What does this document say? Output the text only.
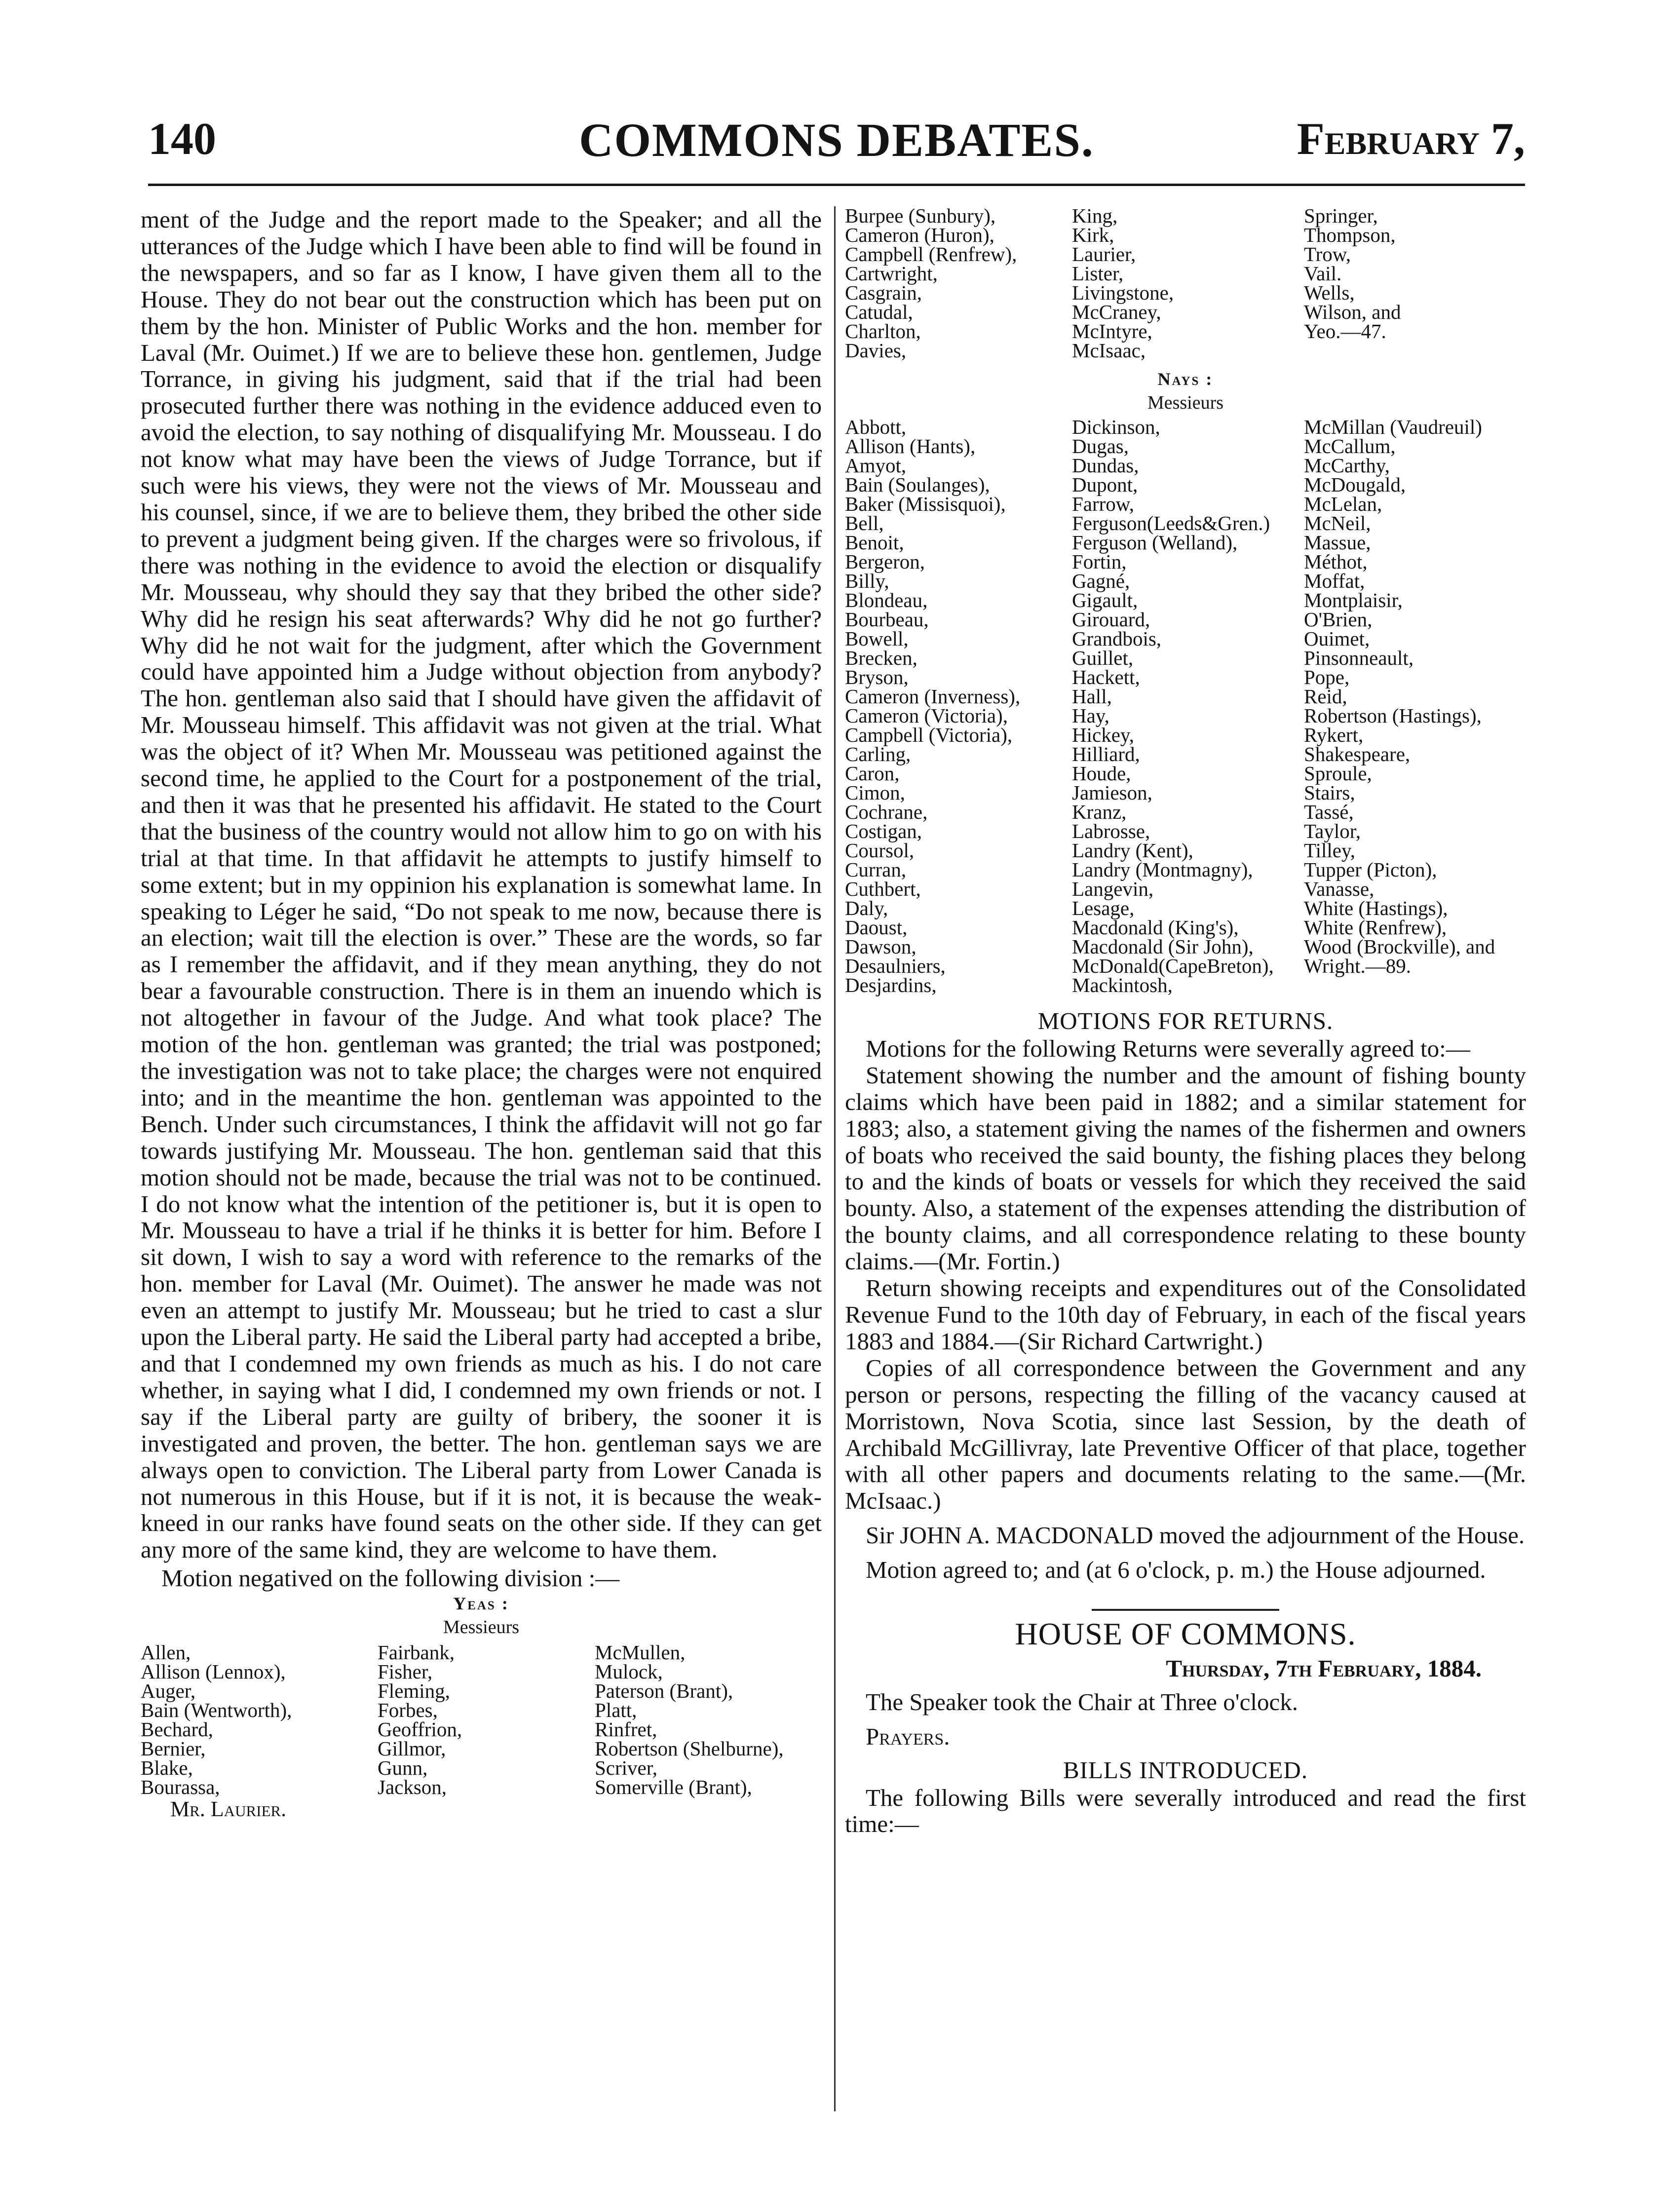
140	COMMONS DEBATES.	February 7,

ment of the Judge and the report made to the Speaker; and all the utterances of the Judge which I have been able to find will be found in the newspapers, and so far as I know, I have given them all to the House. They do not bear out the construction which has been put on them by the hon. Minister of Public Works and the hon. member for Laval (Mr. Ouimet.) If we are to believe these hon. gentlemen, Judge Torrance, in giving his judgment, said that if the trial had been prosecuted further there was nothing in the evidence adduced even to avoid the election, to say nothing of disqualifying Mr. Mousseau. I do not know what may have been the views of Judge Torrance, but if such were his views, they were not the views of Mr. Mousseau and his counsel, since, if we are to believe them, they bribed the other side to prevent a judgment being given. If the charges were so frivolous, if there was nothing in the evidence to avoid the election or disqualify Mr. Mousseau, why should they say that they bribed the other side? Why did he resign his seat afterwards? Why did he not go further? Why did he not wait for the judgment, after which the Government could have appointed him a Judge without objection from anybody? The hon. gentleman also said that I should have given the affidavit of Mr. Mousseau himself. This affidavit was not given at the trial. What was the object of it? When Mr. Mousseau was petitioned against the second time, he applied to the Court for a postponement of the trial, and then it was that he presented his affidavit. He stated to the Court that the business of the country would not allow him to go on with his trial at that time. In that affidavit he attempts to justify himself to some extent; but in my oppinion his explanation is somewhat lame. In speaking to Léger he said, “Do not speak to me now, because there is an election; wait till the election is over.” These are the words, so far as I remember the affidavit, and if they mean anything, they do not bear a favourable construction. There is in them an inuendo which is not altogether in favour of the Judge. And what took place? The motion of the hon. gentleman was granted; the trial was postponed; the investigation was not to take place; the charges were not enquired into; and in the meantime the hon. gentleman was appointed to the Bench. Under such circumstances, I think the affidavit will not go far towards justifying Mr. Mousseau. The hon. gentleman said that this motion should not be made, because the trial was not to be continued. I do not know what the intention of the petitioner is, but it is open to Mr. Mousseau to have a trial if he thinks it is better for him. Before I sit down, I wish to say a word with reference to the remarks of the hon. member for Laval (Mr. Ouimet). The answer he made was not even an attempt to justify Mr. Mousseau; but he tried to cast a slur upon the Liberal party. He said the Liberal party had accepted a bribe, and that I condemned my own friends as much as his. I do not care whether, in saying what I did, I condemned my own friends or not. I say if the Liberal party are guilty of bribery, the sooner it is investigated and proven, the better. The hon. gentleman says we are always open to conviction. The Liberal party from Lower Canada is not numerous in this House, but if it is not, it is because the weak-kneed in our ranks have found seats on the other side. If they can get any more of the same kind, they are welcome to have them.

Motion negatived on the following division :—

Yeas :
Messieurs
Allen,
Allison (Lennox),
Auger,
Bain (Wentworth),
Bechard,
Bernier,
Blake,
Bourassa,
Fairbank,
Fisher,
Fleming,
Forbes,
Geoffrion,
Gillmor,
Gunn,
Jackson,
McMullen,
Mulock,
Paterson (Brant),
Platt,
Rinfret,
Robertson (Shelburne),
Scriver,
Somerville (Brant),
Mr. Laurier.
Burpee (Sunbury),
Cameron (Huron),
Campbell (Renfrew),
Cartwright,
Casgrain,
Catudal,
Charlton,
Davies,
King,
Kirk,
Laurier,
Lister,
Livingstone,
McCraney,
McIntyre,
McIsaac,
Springer,
Thompson,
Trow,
Vail.
Wells,
Wilson, and
Yeo.—47.
Nays :
Messieurs
Abbott,
Allison (Hants),
Amyot,
Bain (Soulanges),
Baker (Missisquoi),
Bell,
Benoit,
Bergeron,
Billy,
Blondeau,
Bourbeau,
Bowell,
Brecken,
Bryson,
Cameron (Inverness),
Cameron (Victoria),
Campbell (Victoria),
Carling,
Caron,
Cimon,
Cochrane,
Costigan,
Coursol,
Curran,
Cuthbert,
Daly,
Daoust,
Dawson,
Desaulniers,
Desjardins,
Dickinson,
Dugas,
Dundas,
Dupont,
Farrow,
Ferguson(Leeds&Gren.)
Ferguson (Welland),
Fortin,
Gagné,
Gigault,
Girouard,
Grandbois,
Guillet,
Hackett,
Hall,
Hay,
Hickey,
Hilliard,
Houde,
Jamieson,
Kranz,
Labrosse,
Landry (Kent),
Landry (Montmagny),
Langevin,
Lesage,
Macdonald (King's),
Macdonald (Sir John),
McDonald(CapeBreton),
Mackintosh,
McMillan (Vaudreuil)
McCallum,
McCarthy,
McDougald,
McLelan,
McNeil,
Massue,
Méthot,
Moffat,
Montplaisir,
O'Brien,
Ouimet,
Pinsonneault,
Pope,
Reid,
Robertson (Hastings),
Rykert,
Shakespeare,
Sproule,
Stairs,
Tassé,
Taylor,
Tilley,
Tupper (Picton),
Vanasse,
White (Hastings),
White (Renfrew),
Wood (Brockville), and
Wright.—89.
MOTIONS FOR RETURNS.

Motions for the following Returns were severally agreed to:—

Statement showing the number and the amount of fishing bounty claims which have been paid in 1882; and a similar statement for 1883; also, a statement giving the names of the fishermen and owners of boats who received the said bounty, the fishing places they belong to and the kinds of boats or vessels for which they received the said bounty. Also, a statement of the expenses attending the distribution of the bounty claims, and all correspondence relating to these bounty claims.—(Mr. Fortin.)

Return showing receipts and expenditures out of the Consolidated Revenue Fund to the 10th day of February, in each of the fiscal years 1883 and 1884.—(Sir Richard Cartwright.)

Copies of all correspondence between the Government and any person or persons, respecting the filling of the vacancy caused at Morristown, Nova Scotia, since last Session, by the death of Archibald McGillivray, late Preventive Officer of that place, together with all other papers and documents relating to the same.—(Mr. McIsaac.)

Sir JOHN A. MACDONALD moved the adjournment of the House.

Motion agreed to; and (at 6 o'clock, p. m.) the House adjourned.

HOUSE OF COMMONS.
Thursday, 7th February, 1884.

The Speaker took the Chair at Three o'clock.

Prayers.

BILLS INTRODUCED.

The following Bills were severally introduced and read the first time:—
